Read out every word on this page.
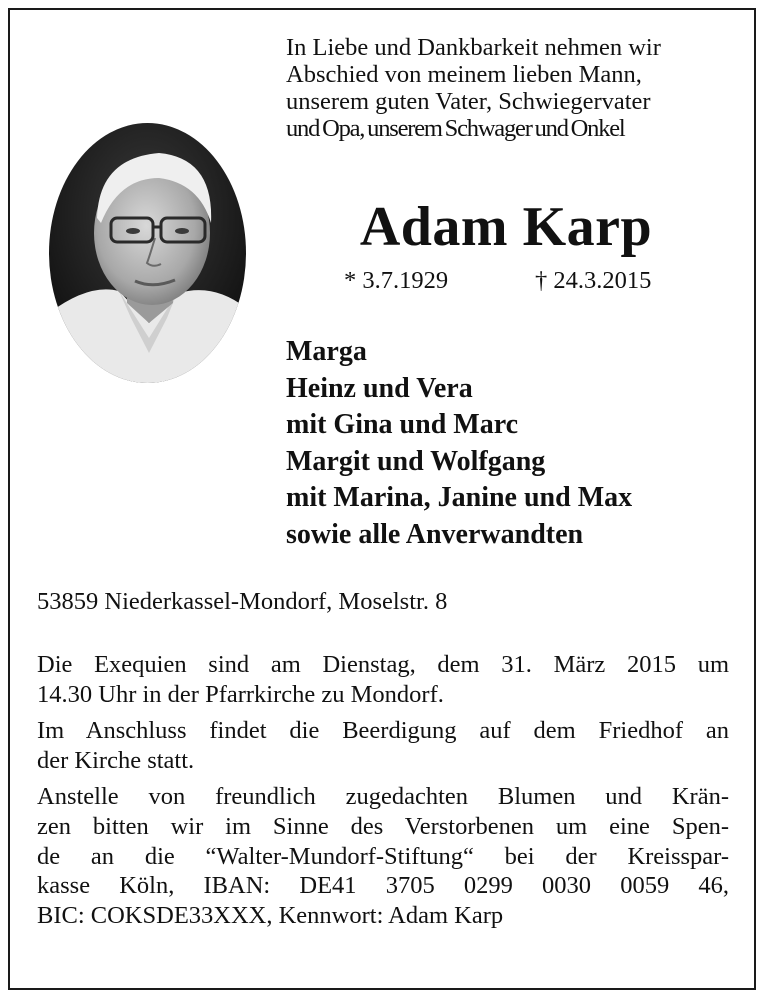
In Liebe und Dankbarkeit nehmen wir
Abschied von meinem lieben Mann,
unserem guten Vater, Schwiegervater
und Opa, unserem Schwager und Onkel
Adam Karp
* 3.7.1929	† 24.3.2015
Marga
Heinz und Vera
mit Gina und Marc
Margit und Wolfgang
mit Marina, Janine und Max
sowie alle Anverwandten
53859 Niederkassel-Mondorf, Moselstr. 8

Die Exequien sind am Dienstag, dem 31. März 2015 um
14.30 Uhr in der Pfarrkirche zu Mondorf.

Im Anschluss findet die Beerdigung auf dem Friedhof an
der Kirche statt.

Anstelle von freundlich zugedachten Blumen und Krän-
zen bitten wir im Sinne des Verstorbenen um eine Spen-
de an die “Walter-Mundorf-Stiftung“ bei der Kreisspar-
kasse Köln, IBAN: DE41 3705 0299 0030 0059 46,
BIC: COKSDE33XXX, Kennwort: Adam Karp
